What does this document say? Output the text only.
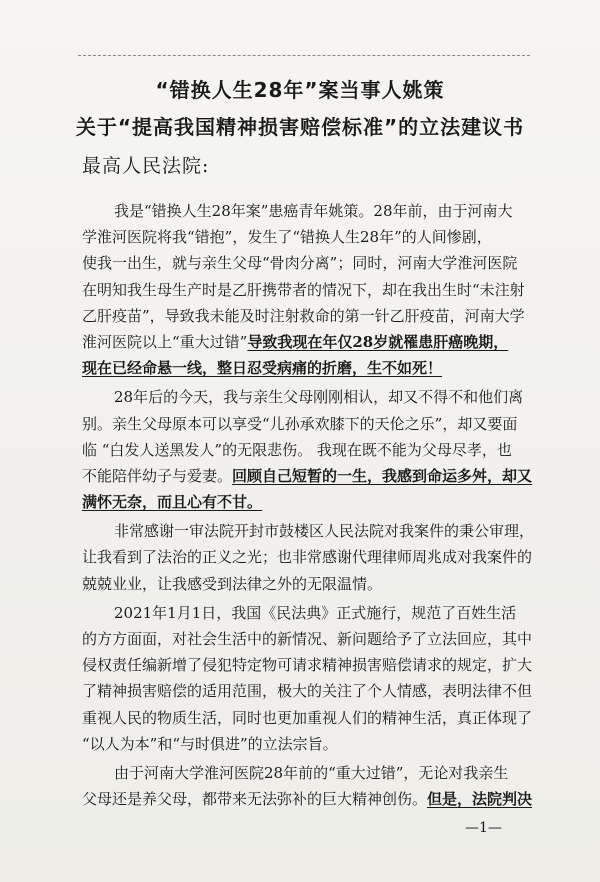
“错换人生28年”案当事人姚策
关于“提高我国精神损害赔偿标准”的立法建议书
最高人民法院:
我是“错换人生28年案”患癌青年姚策。28年前，由于河南大
学淮河医院将我“错抱”，发生了“错换人生28年”的人间惨剧，
使我一出生，就与亲生父母“骨肉分离”；同时，河南大学淮河医院
在明知我生母生产时是乙肝携带者的情况下，却在我出生时“未注射
乙肝疫苗”，导致我未能及时注射救命的第一针乙肝疫苗，河南大学
淮河医院以上“重大过错”导致我现在年仅28岁就罹患肝癌晚期，
现在已经命悬一线，整日忍受病痛的折磨，生不如死！
28年后的今天，我与亲生父母刚刚相认，却又不得不和他们离
别。亲生父母原本可以享受“儿孙承欢膝下的天伦之乐”，却又要面
临 “白发人送黑发人”的无限悲伤。 我现在既不能为父母尽孝，也
不能陪伴幼子与爱妻。回顾自己短暂的一生，我感到命运多舛，却又
满怀无奈，而且心有不甘。
非常感谢一审法院开封市鼓楼区人民法院对我案件的秉公审理，
让我看到了法治的正义之光；也非常感谢代理律师周兆成对我案件的
兢兢业业，让我感受到法律之外的无限温情。
2021年1月1日，我国《民法典》正式施行，规范了百姓生活
的方方面面，对社会生活中的新情况、新问题给予了立法回应，其中
侵权责任编新增了侵犯特定物可请求精神损害赔偿请求的规定，扩大
了精神损害赔偿的适用范围，极大的关注了个人情感，表明法律不但
重视人民的物质生活，同时也更加重视人们的精神生活，真正体现了
“以人为本”和“与时俱进”的立法宗旨。
由于河南大学淮河医院28年前的“重大过错”，无论对我亲生
父母还是养父母，都带来无法弥补的巨大精神创伤。但是，法院判决
—1—
